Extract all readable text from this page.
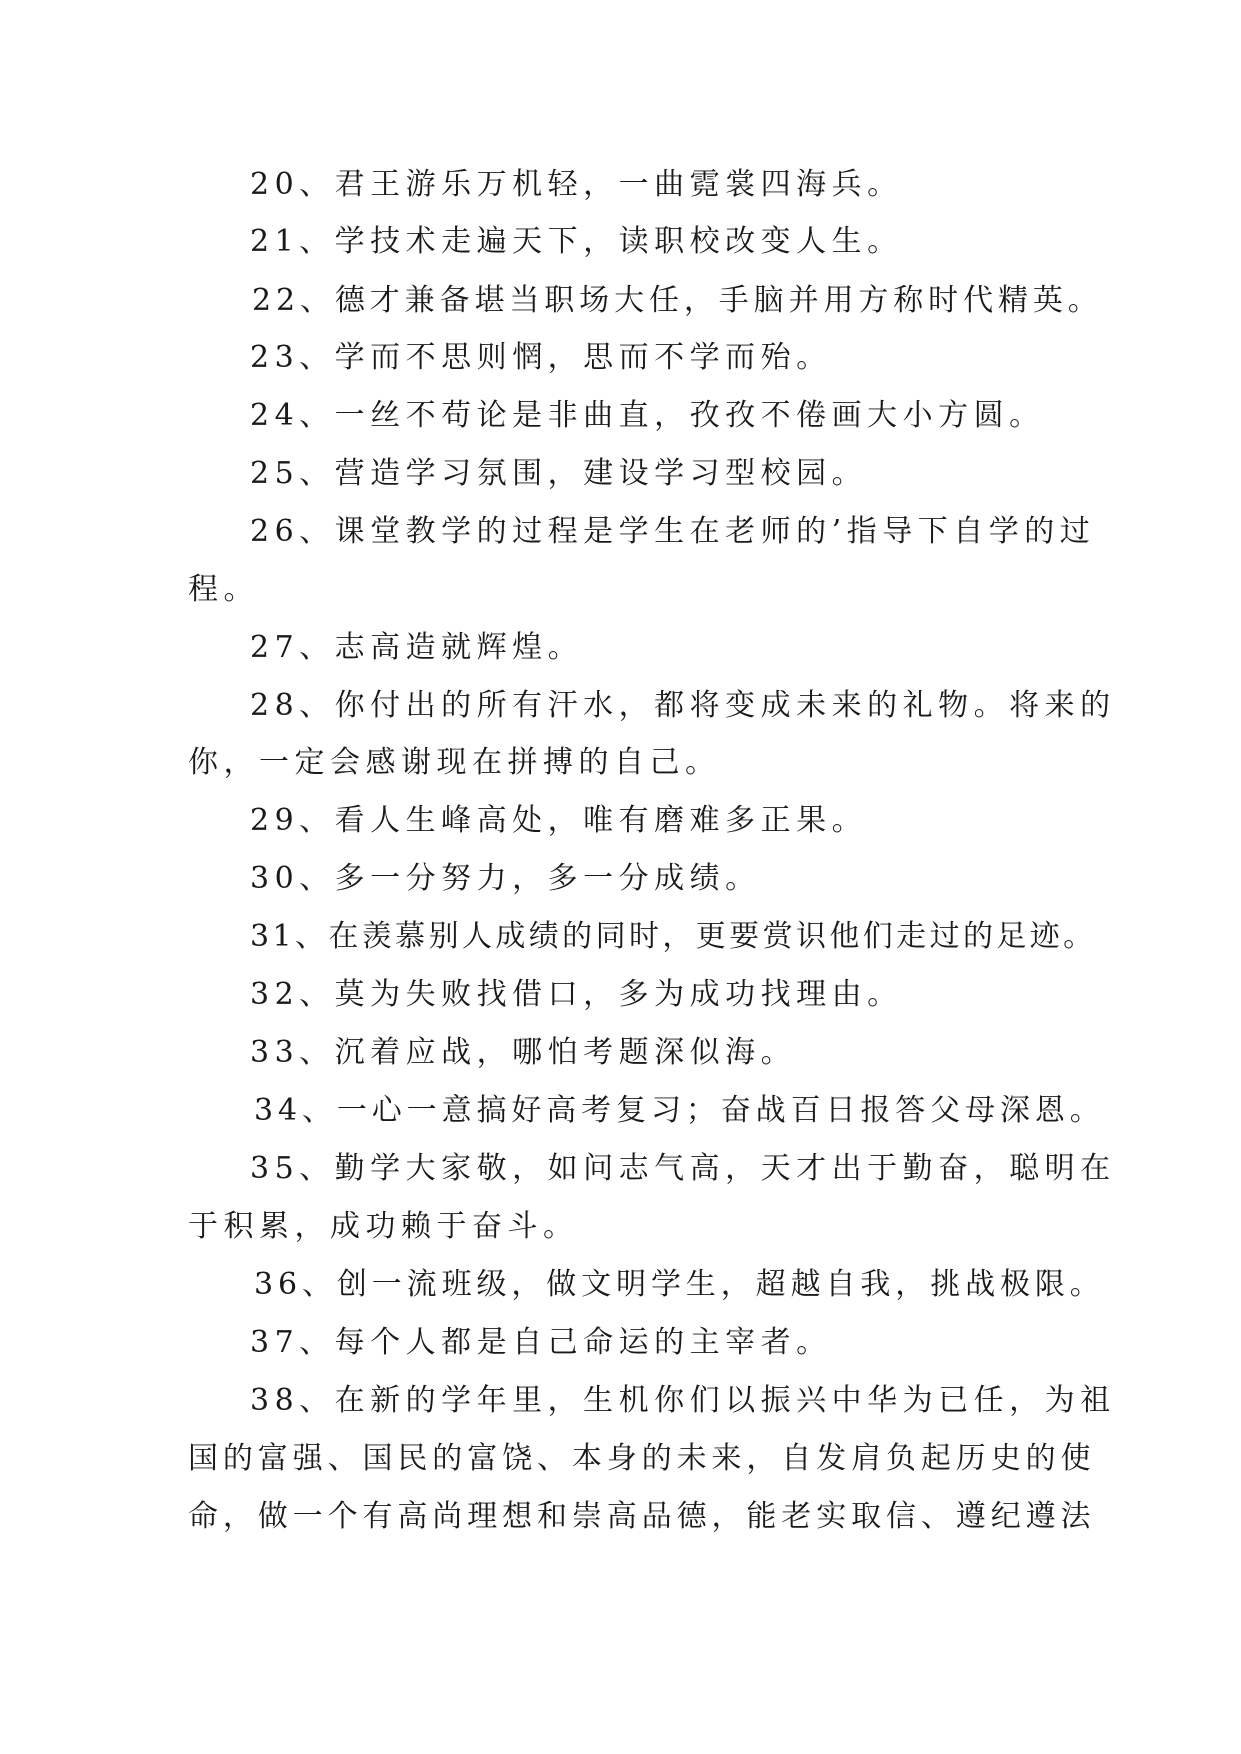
20、君王游乐万机轻，一曲霓裳四海兵。
21、学技术走遍天下，读职校改变人生。
22、德才兼备堪当职场大任，手脑并用方称时代精英。
23、学而不思则惘，思而不学而殆。
24、一丝不苟论是非曲直，孜孜不倦画大小方圆。
25、营造学习氛围，建设学习型校园。
26、课堂教学的过程是学生在老师的’指导下自学的过
程。
27、志高造就辉煌。
28、你付出的所有汗水，都将变成未来的礼物。将来的
你，一定会感谢现在拼搏的自己。
29、看人生峰高处，唯有磨难多正果。
30、多一分努力，多一分成绩。
31、在羡慕别人成绩的同时，更要赏识他们走过的足迹。
32、莫为失败找借口，多为成功找理由。
33、沉着应战，哪怕考题深似海。
34、一心一意搞好高考复习；奋战百日报答父母深恩。
35、勤学大家敬，如问志气高，天才出于勤奋，聪明在
于积累，成功赖于奋斗。
36、创一流班级，做文明学生，超越自我，挑战极限。
37、每个人都是自己命运的主宰者。
38、在新的学年里，生机你们以振兴中华为已任，为祖
国的富强、国民的富饶、本身的未来，自发肩负起历史的使
命，做一个有高尚理想和崇高品德，能老实取信、遵纪遵法
